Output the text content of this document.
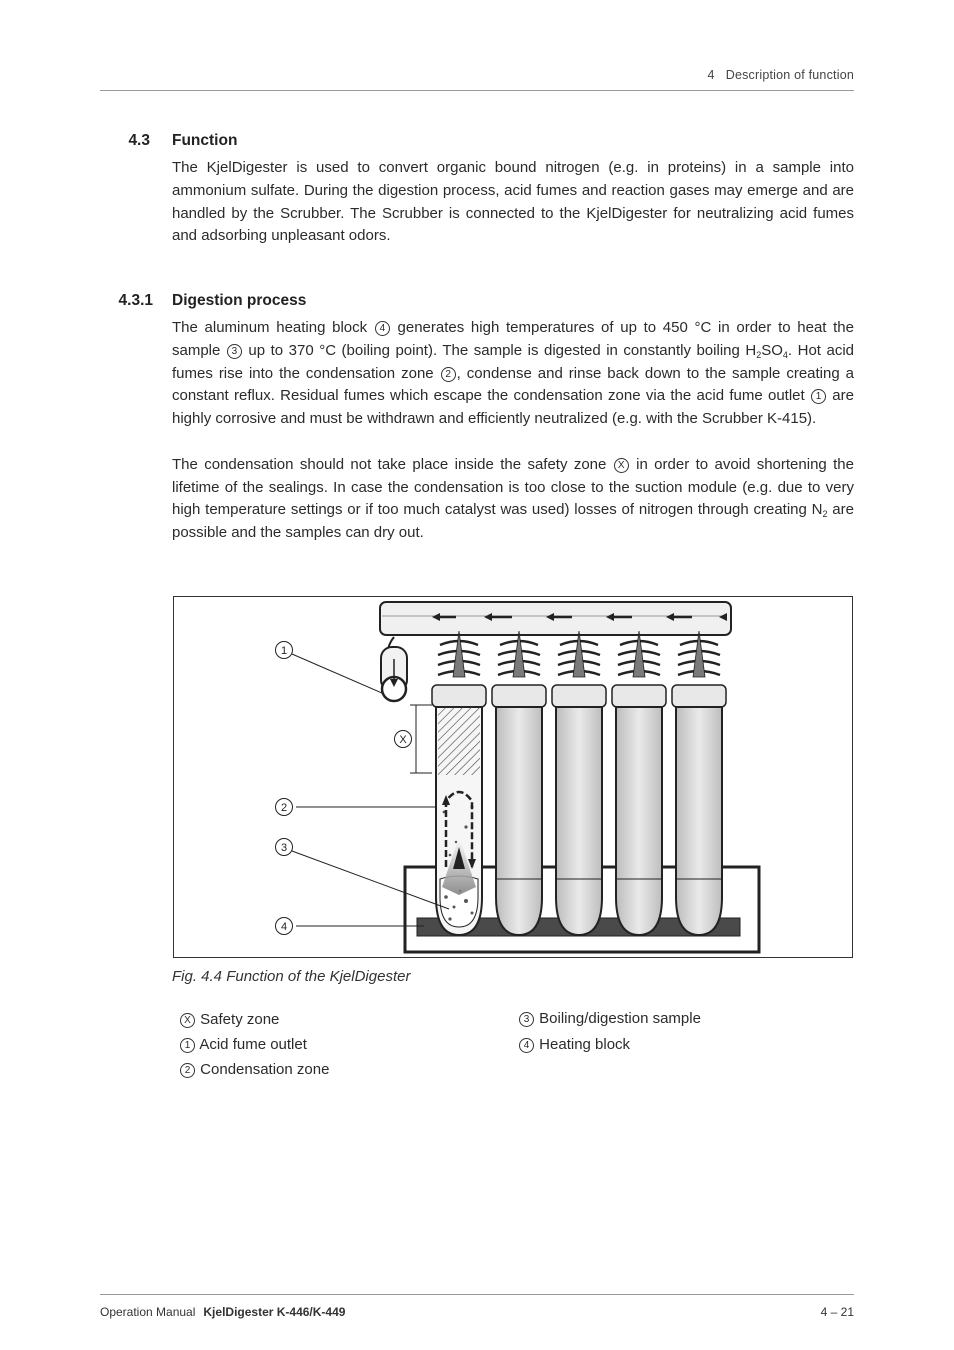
4   Description of function
4.3 Function

The KjelDigester is used to convert organic bound nitrogen (e.g. in proteins) in a sample into ammonium sulfate. During the digestion process, acid fumes and reaction gases may emerge and are handled by the Scrubber. The Scrubber is connected to the KjelDigester for neutralizing acid fumes and adsorbing unpleasant odors.

4.3.1 Digestion process

The aluminum heating block 4 generates high temperatures of up to 450 °C in order to heat the sample 3 up to 370 °C (boiling point). The sample is digested in constantly boiling $H_2SO_4$. Hot acid fumes rise into the condensation zone 2 , condense and rinse back down to the sample creating a constant reflux. Residual fumes which escape the condensation zone via the acid fume outlet 1 are highly corrosive and must be withdrawn and efficiently neutralized (e.g. with the Scrubber K-415).

The condensation should not take place inside the safety zone X in order to avoid shortening the lifetime of the sealings. In case the condensation is too close to the suction module (e.g. due to very high temperature settings or if too much catalyst was used) losses of nitrogen through creating $N_2$ are possible and the samples can dry out.

1
X
2
3
4
Fig. 4.4 Function of the KjelDigester
X Safety zone
1 Acid fume outlet
2 Condensation zone
3 Boiling/digestion sample
4 Heating block
Operation Manual KjelDigester K-446/K-449	4 – 21
